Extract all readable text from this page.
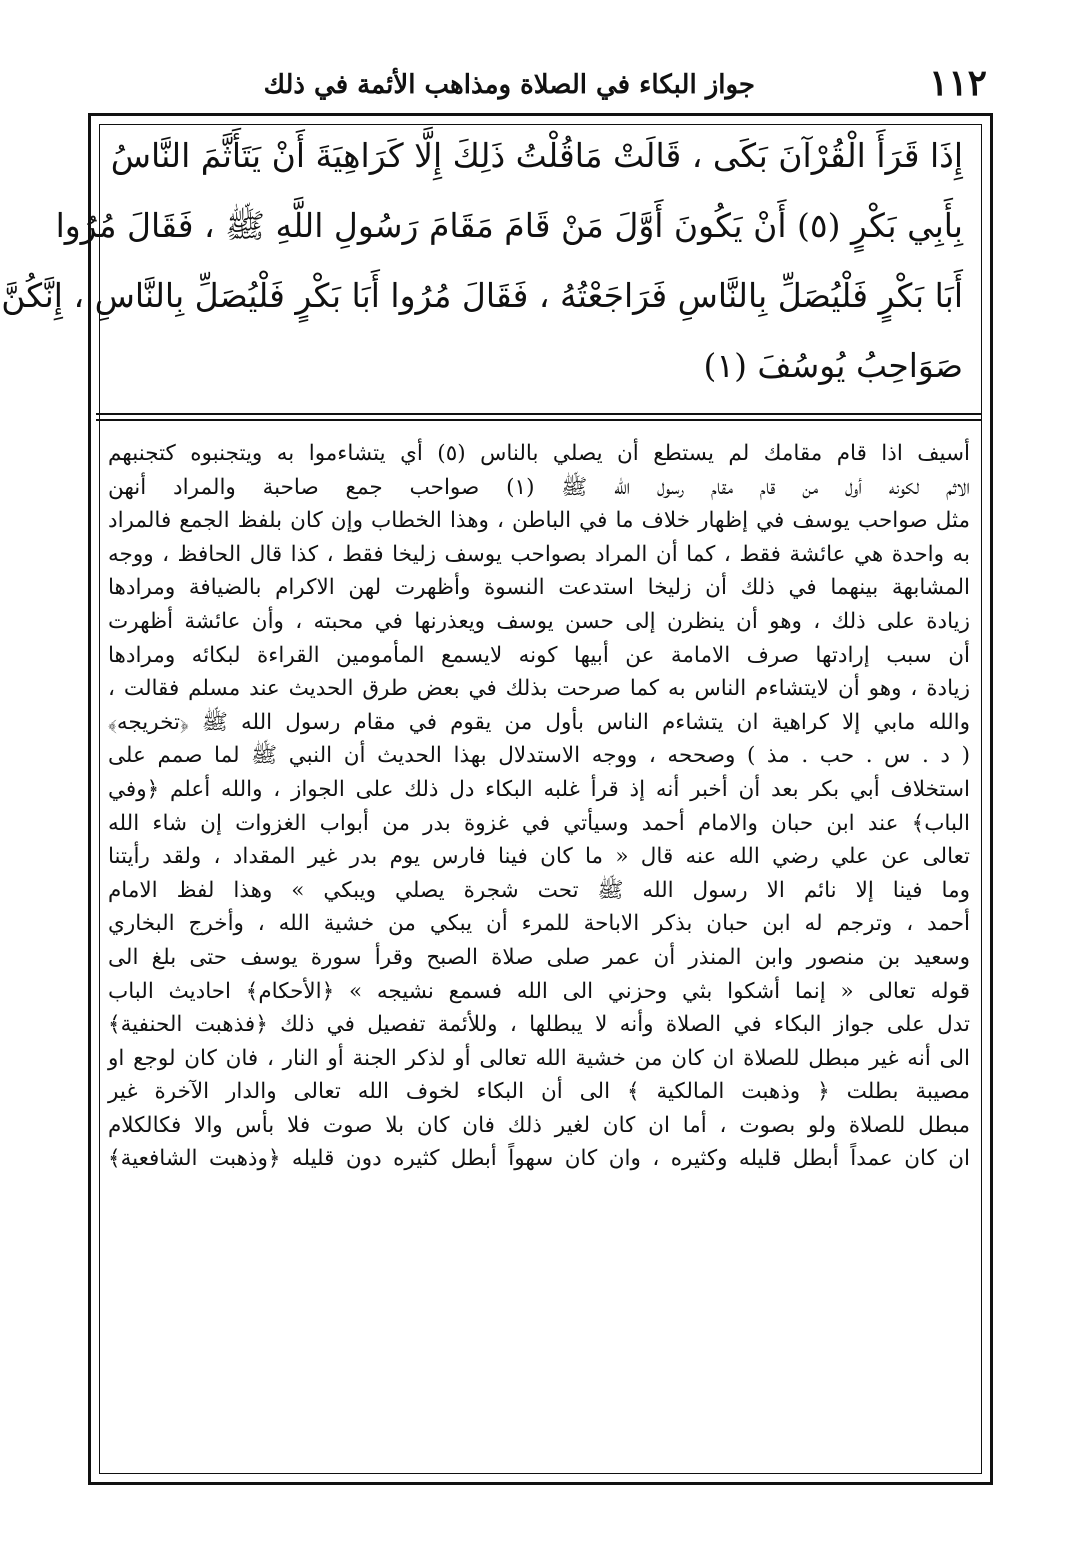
١١٢
جواز البكاء في الصلاة ومذاهب الأئمة في ذلك
إِذَا قَرَأَ الْقُرْآنَ بَكَى ، قَالَتْ مَاقُلْتُ ذَلِكَ إِلَّا كَرَاهِيَةَ أَنْ يَتَأَثَّمَ النَّاسُ
بِأَبِي بَكْرٍ (٥) أَنْ يَكُونَ أَوَّلَ مَنْ قَامَ مَقَامَ رَسُولِ اللَّهِ ﷺ ، فَقَالَ مُرُوا
أَبَا بَكْرٍ فَلْيُصَلِّ بِالنَّاسِ فَرَاجَعْتُهُ ، فَقَالَ مُرُوا أَبَا بَكْرٍ فَلْيُصَلِّ بِالنَّاسِ ، إِنَّكُنَّ
صَوَاحِبُ يُوسُفَ (١)
أسيف اذا قام مقامك لم يستطع أن يصلي بالناس (٥) أي يتشاءموا به ويتجنبوه كتجنبهم
الاثم لكونه أول من قام مقام رسول الله ﷺ (١) صواحب جمع صاحبة والمراد أنهن
مثل صواحب يوسف في إظهار خلاف ما في الباطن ، وهذا الخطاب وإن كان بلفظ الجمع فالمراد
به واحدة هي عائشة فقط ، كما أن المراد بصواحب يوسف زليخا فقط ، كذا قال الحافظ ، ووجه
المشابهة بينهما في ذلك أن زليخا استدعت النسوة وأظهرت لهن الاكرام بالضيافة ومرادها
زيادة على ذلك ، وهو أن ينظرن إلى حسن يوسف ويعذرنها في محبته ، وأن عائشة أظهرت
أن سبب إرادتها صرف الامامة عن أبيها كونه لايسمع المأمومين القراءة لبكائه ومرادها
زيادة ، وهو أن لايتشاءم الناس به كما صرحت بذلك في بعض طرق الحديث عند مسلم فقالت ،
والله مابي إلا كراهية ان يتشاءم الناس بأول من يقوم في مقام رسول الله ﷺ ﴿تخريجه﴾
( د . س . حب . مذ ) وصححه ، ووجه الاستدلال بهذا الحديث أن النبي ﷺ لما صمم على
استخلاف أبي بكر بعد أن أخبر أنه إذ قرأ غلبه البكاء دل ذلك على الجواز ، والله أعلم ﴿وفي
الباب﴾ عند ابن حبان والامام أحمد وسيأتي في غزوة بدر من أبواب الغزوات إن شاء الله
تعالى عن علي رضي الله عنه قال « ما كان فينا فارس يوم بدر غير المقداد ، ولقد رأيتنا
وما فينا إلا نائم الا رسول الله ﷺ تحت شجرة يصلي ويبكي » وهذا لفظ الامام
أحمد ، وترجم له ابن حبان بذكر الاباحة للمرء أن يبكي من خشية الله ، وأخرج البخاري
وسعيد بن منصور وابن المنذر أن عمر صلى صلاة الصبح وقرأ سورة يوسف حتى بلغ الى
قوله تعالى « إنما أشكوا بثي وحزني الى الله فسمع نشيجه » ﴿الأحكام﴾ احاديث الباب
تدل على جواز البكاء في الصلاة وأنه لا يبطلها ، وللأئمة تفصيل في ذلك ﴿فذهبت الحنفية﴾
الى أنه غير مبطل للصلاة ان كان من خشية الله تعالى أو لذكر الجنة أو النار ، فان كان لوجع او
مصيبة بطلت ﴿ وذهبت المالكية ﴾ الى أن البكاء لخوف الله تعالى والدار الآخرة غير
مبطل للصلاة ولو بصوت ، أما ان كان لغير ذلك فان كان بلا صوت فلا بأس والا فكالكلام
ان كان عمداً أبطل قليله وكثيره ، وان كان سهواً أبطل كثيره دون قليله ﴿وذهبت الشافعية﴾
